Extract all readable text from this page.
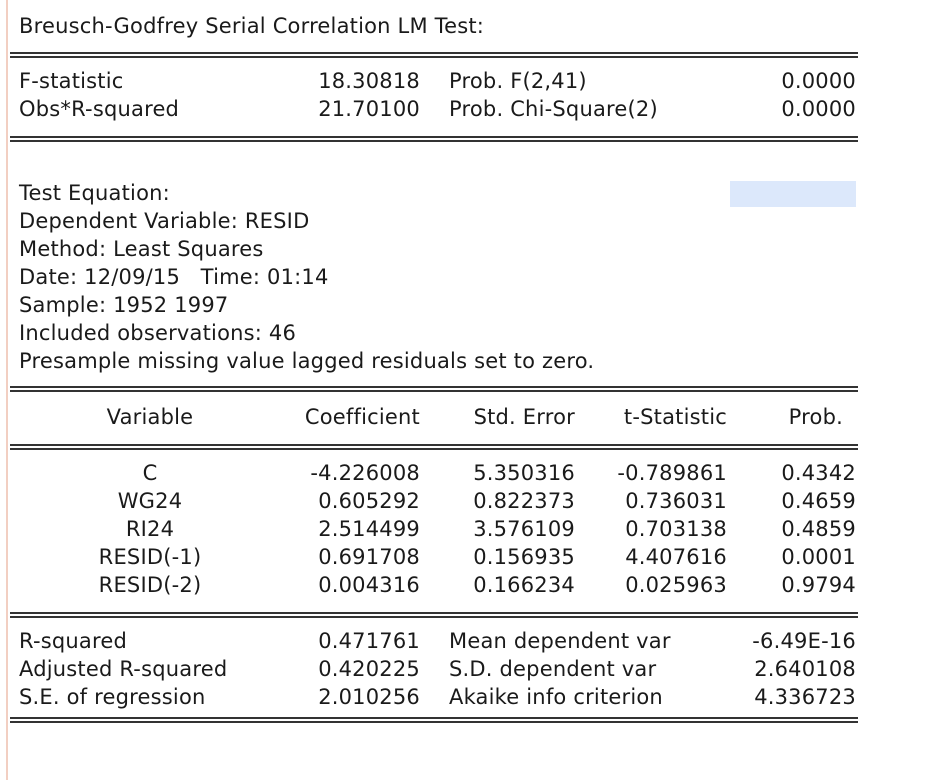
Breusch-Godfrey Serial Correlation LM Test:
F-statistic	18.30818 Prob. F(2,41)	0.0000
Obs*R-squared	21.70100 Prob. Chi-Square(2)	0.0000
Test Equation:
Dependent Variable: RESID
Method: Least Squares
Date: 12/09/15   Time: 01:14
Sample: 1952 1997
Included observations: 46
Presample missing value lagged residuals set to zero.
Variable	Coefficient	Std. Error	t-Statistic	Prob.
C	-4.226008	5.350316	-0.789861	0.4342
WG24	0.605292	0.822373	0.736031	0.4659
RI24	2.514499	3.576109	0.703138	0.4859
RESID(-1)	0.691708	0.156935	4.407616	0.0001
RESID(-2)	0.004316	0.166234	0.025963	0.9794
R-squared	0.471761 Mean dependent var	-6.49E-16
Adjusted R-squared	0.420225 S.D. dependent var	2.640108
S.E. of regression	2.010256 Akaike info criterion	4.336723
